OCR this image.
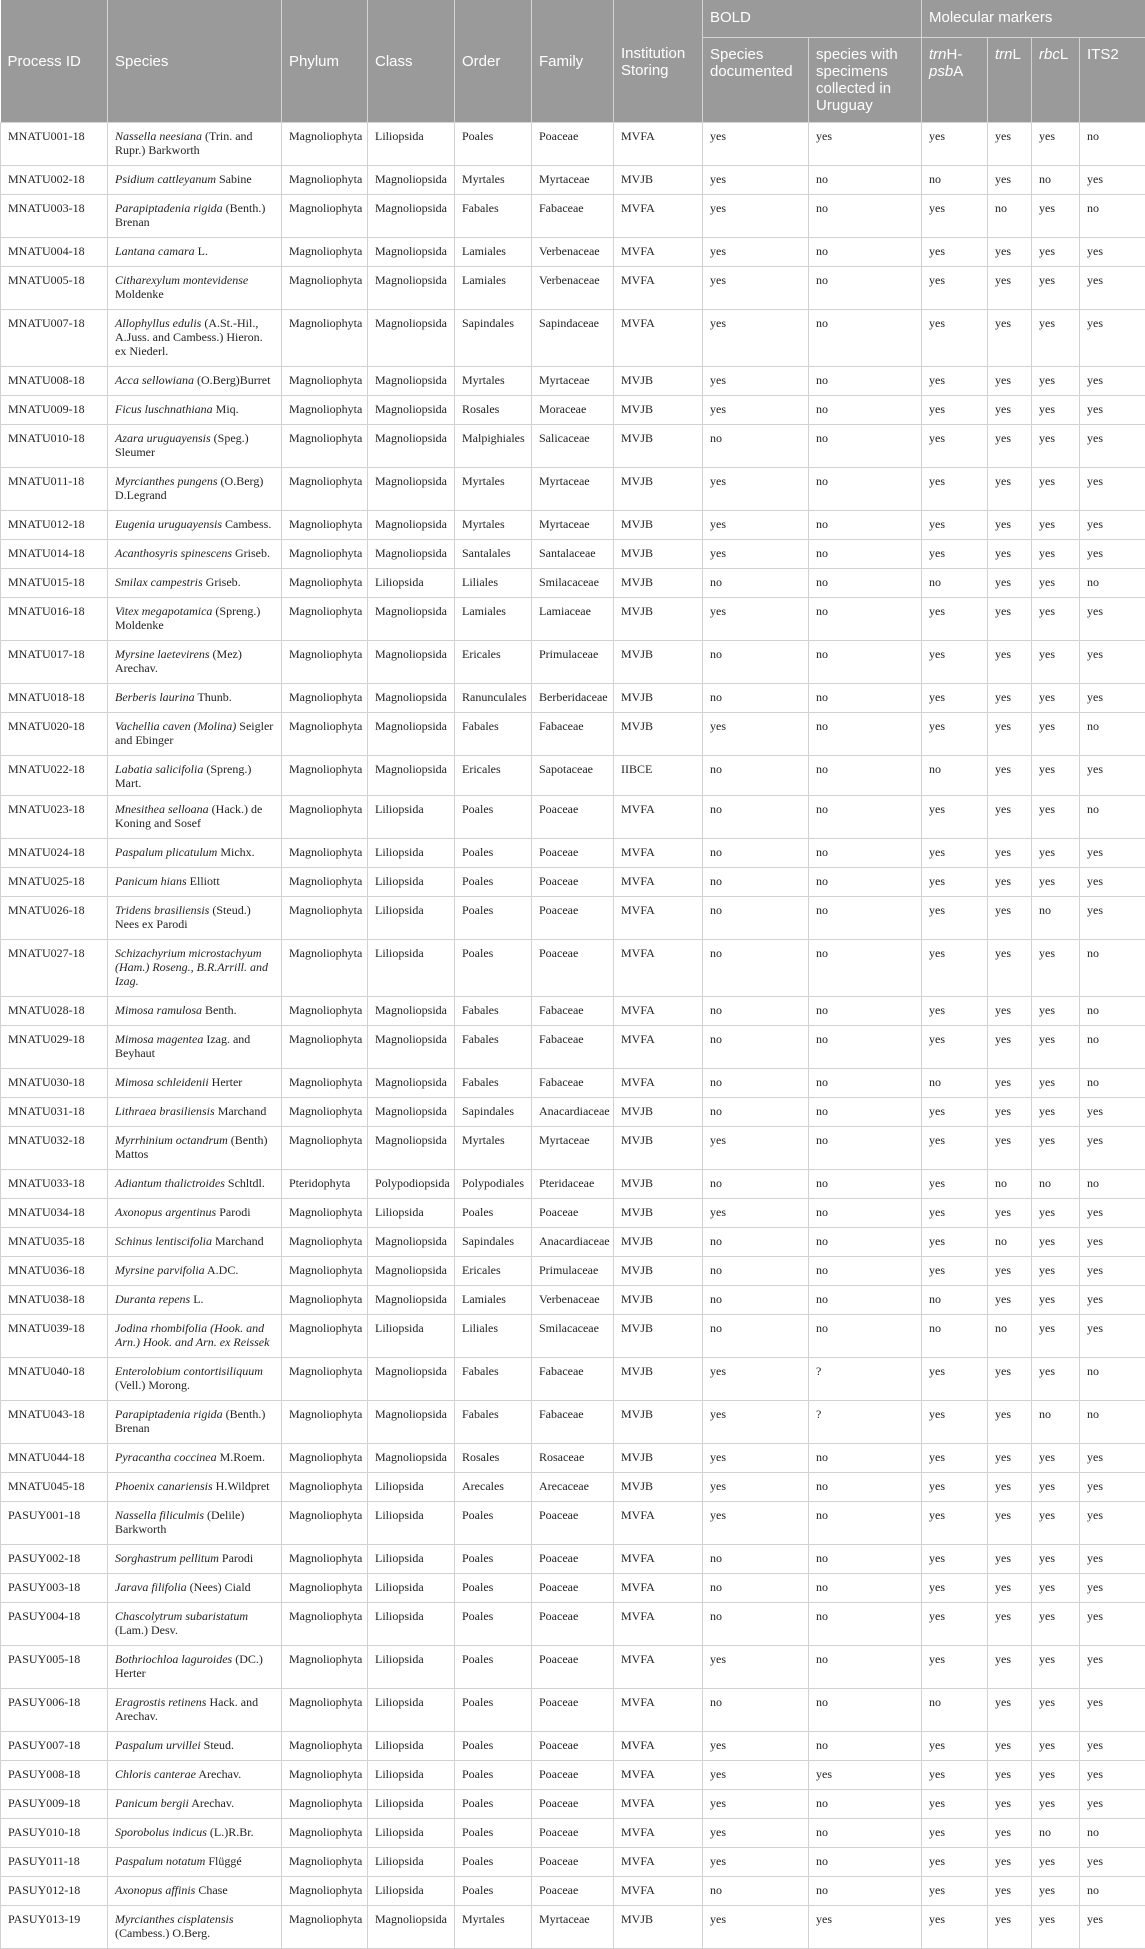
Process ID	Species	Phylum	Class	Order	Family	Institution Storing	BOLD		Molecular markers			
							Species documented	species with specimens collected in Uruguay	trnH-psbA	trnL	rbcL	ITS2
MNATU001-18	Nassella neesiana (Trin. and Rupr.) Barkworth	Magnoliophyta	Liliopsida	Poales	Poaceae	MVFA	yes	yes	yes	yes	yes	no
MNATU002-18	Psidium cattleyanum Sabine	Magnoliophyta	Magnoliopsida	Myrtales	Myrtaceae	MVJB	yes	no	no	yes	no	yes
MNATU003-18	Parapiptadenia rigida (Benth.) Brenan	Magnoliophyta	Magnoliopsida	Fabales	Fabaceae	MVFA	yes	no	yes	no	yes	no
MNATU004-18	Lantana camara L.	Magnoliophyta	Magnoliopsida	Lamiales	Verbenaceae	MVFA	yes	no	yes	yes	yes	yes
MNATU005-18	Citharexylum montevidense Moldenke	Magnoliophyta	Magnoliopsida	Lamiales	Verbenaceae	MVFA	yes	no	yes	yes	yes	yes
MNATU007-18	Allophyllus edulis (A.St.-Hil., A.Juss. and Cambess.) Hieron. ex Niederl.	Magnoliophyta	Magnoliopsida	Sapindales	Sapindaceae	MVFA	yes	no	yes	yes	yes	yes
MNATU008-18	Acca sellowiana (O.Berg)Burret	Magnoliophyta	Magnoliopsida	Myrtales	Myrtaceae	MVJB	yes	no	yes	yes	yes	yes
MNATU009-18	Ficus luschnathiana Miq.	Magnoliophyta	Magnoliopsida	Rosales	Moraceae	MVJB	yes	no	yes	yes	yes	yes
MNATU010-18	Azara uruguayensis (Speg.) Sleumer	Magnoliophyta	Magnoliopsida	Malpighiales	Salicaceae	MVJB	no	no	yes	yes	yes	yes
MNATU011-18	Myrcianthes pungens (O.Berg) D.Legrand	Magnoliophyta	Magnoliopsida	Myrtales	Myrtaceae	MVJB	yes	no	yes	yes	yes	yes
MNATU012-18	Eugenia uruguayensis Cambess.	Magnoliophyta	Magnoliopsida	Myrtales	Myrtaceae	MVJB	yes	no	yes	yes	yes	yes
MNATU014-18	Acanthosyris spinescens Griseb.	Magnoliophyta	Magnoliopsida	Santalales	Santalaceae	MVJB	yes	no	yes	yes	yes	yes
MNATU015-18	Smilax campestris Griseb.	Magnoliophyta	Liliopsida	Liliales	Smilacaceae	MVJB	no	no	no	yes	yes	no
MNATU016-18	Vitex megapotamica (Spreng.) Moldenke	Magnoliophyta	Magnoliopsida	Lamiales	Lamiaceae	MVJB	yes	no	yes	yes	yes	yes
MNATU017-18	Myrsine laetevirens (Mez) Arechav.	Magnoliophyta	Magnoliopsida	Ericales	Primulaceae	MVJB	no	no	yes	yes	yes	yes
MNATU018-18	Berberis laurina Thunb.	Magnoliophyta	Magnoliopsida	Ranunculales	Berberidaceae	MVJB	no	no	yes	yes	yes	yes
MNATU020-18	Vachellia caven (Molina) Seigler and Ebinger	Magnoliophyta	Magnoliopsida	Fabales	Fabaceae	MVJB	yes	no	yes	yes	yes	no
MNATU022-18	Labatia salicifolia (Spreng.) Mart.	Magnoliophyta	Magnoliopsida	Ericales	Sapotaceae	IIBCE	no	no	no	yes	yes	yes
MNATU023-18	Mnesithea selloana (Hack.) de Koning and Sosef	Magnoliophyta	Liliopsida	Poales	Poaceae	MVFA	no	no	yes	yes	yes	no
MNATU024-18	Paspalum plicatulum Michx.	Magnoliophyta	Liliopsida	Poales	Poaceae	MVFA	no	no	yes	yes	yes	yes
MNATU025-18	Panicum hians Elliott	Magnoliophyta	Liliopsida	Poales	Poaceae	MVFA	no	no	yes	yes	yes	yes
MNATU026-18	Tridens brasiliensis (Steud.) Nees ex Parodi	Magnoliophyta	Liliopsida	Poales	Poaceae	MVFA	no	no	yes	yes	no	yes
MNATU027-18	Schizachyrium microstachyum (Ham.) Roseng., B.R.Arrill. and Izag.	Magnoliophyta	Liliopsida	Poales	Poaceae	MVFA	no	no	yes	yes	yes	no
MNATU028-18	Mimosa ramulosa Benth.	Magnoliophyta	Magnoliopsida	Fabales	Fabaceae	MVFA	no	no	yes	yes	yes	no
MNATU029-18	Mimosa magentea Izag. and Beyhaut	Magnoliophyta	Magnoliopsida	Fabales	Fabaceae	MVFA	no	no	yes	yes	yes	no
MNATU030-18	Mimosa schleidenii Herter	Magnoliophyta	Magnoliopsida	Fabales	Fabaceae	MVFA	no	no	no	yes	yes	no
MNATU031-18	Lithraea brasiliensis Marchand	Magnoliophyta	Magnoliopsida	Sapindales	Anacardiaceae	MVJB	no	no	yes	yes	yes	yes
MNATU032-18	Myrrhinium octandrum (Benth) Mattos	Magnoliophyta	Magnoliopsida	Myrtales	Myrtaceae	MVJB	yes	no	yes	yes	yes	yes
MNATU033-18	Adiantum thalictroides Schltdl.	Pteridophyta	Polypodiopsida	Polypodiales	Pteridaceae	MVJB	no	no	yes	no	no	no
MNATU034-18	Axonopus argentinus Parodi	Magnoliophyta	Liliopsida	Poales	Poaceae	MVJB	yes	no	yes	yes	yes	yes
MNATU035-18	Schinus lentiscifolia Marchand	Magnoliophyta	Magnoliopsida	Sapindales	Anacardiaceae	MVJB	no	no	yes	no	yes	yes
MNATU036-18	Myrsine parvifolia A.DC.	Magnoliophyta	Magnoliopsida	Ericales	Primulaceae	MVJB	no	no	yes	yes	yes	yes
MNATU038-18	Duranta repens L.	Magnoliophyta	Magnoliopsida	Lamiales	Verbenaceae	MVJB	no	no	no	yes	yes	yes
MNATU039-18	Jodina rhombifolia (Hook. and Arn.) Hook. and Arn. ex Reissek	Magnoliophyta	Liliopsida	Liliales	Smilacaceae	MVJB	no	no	no	no	yes	yes
MNATU040-18	Enterolobium contortisiliquum (Vell.) Morong.	Magnoliophyta	Magnoliopsida	Fabales	Fabaceae	MVJB	yes	?	yes	yes	yes	no
MNATU043-18	Parapiptadenia rigida (Benth.) Brenan	Magnoliophyta	Magnoliopsida	Fabales	Fabaceae	MVJB	yes	?	yes	yes	no	no
MNATU044-18	Pyracantha coccinea M.Roem.	Magnoliophyta	Magnoliopsida	Rosales	Rosaceae	MVJB	yes	no	yes	yes	yes	yes
MNATU045-18	Phoenix canariensis H.Wildpret	Magnoliophyta	Liliopsida	Arecales	Arecaceae	MVJB	yes	no	yes	yes	yes	yes
PASUY001-18	Nassella filiculmis (Delile) Barkworth	Magnoliophyta	Liliopsida	Poales	Poaceae	MVFA	yes	no	yes	yes	yes	yes
PASUY002-18	Sorghastrum pellitum Parodi	Magnoliophyta	Liliopsida	Poales	Poaceae	MVFA	no	no	yes	yes	yes	yes
PASUY003-18	Jarava filifolia (Nees) Ciald	Magnoliophyta	Liliopsida	Poales	Poaceae	MVFA	no	no	yes	yes	yes	yes
PASUY004-18	Chascolytrum subaristatum (Lam.) Desv.	Magnoliophyta	Liliopsida	Poales	Poaceae	MVFA	no	no	yes	yes	yes	yes
PASUY005-18	Bothriochloa laguroides (DC.) Herter	Magnoliophyta	Liliopsida	Poales	Poaceae	MVFA	yes	no	yes	yes	yes	yes
PASUY006-18	Eragrostis retinens Hack. and Arechav.	Magnoliophyta	Liliopsida	Poales	Poaceae	MVFA	no	no	no	yes	yes	yes
PASUY007-18	Paspalum urvillei Steud.	Magnoliophyta	Liliopsida	Poales	Poaceae	MVFA	yes	no	yes	yes	yes	yes
PASUY008-18	Chloris canterae Arechav.	Magnoliophyta	Liliopsida	Poales	Poaceae	MVFA	yes	yes	yes	yes	yes	yes
PASUY009-18	Panicum bergii Arechav.	Magnoliophyta	Liliopsida	Poales	Poaceae	MVFA	yes	no	yes	yes	yes	yes
PASUY010-18	Sporobolus indicus (L.)R.Br.	Magnoliophyta	Liliopsida	Poales	Poaceae	MVFA	yes	no	yes	yes	no	no
PASUY011-18	Paspalum notatum Flüggé	Magnoliophyta	Liliopsida	Poales	Poaceae	MVFA	yes	no	yes	yes	yes	yes
PASUY012-18	Axonopus affinis Chase	Magnoliophyta	Liliopsida	Poales	Poaceae	MVFA	no	no	yes	yes	yes	no
PASUY013-19	Myrcianthes cisplatensis (Cambess.) O.Berg.	Magnoliophyta	Magnoliopsida	Myrtales	Myrtaceae	MVJB	yes	yes	yes	yes	yes	yes
